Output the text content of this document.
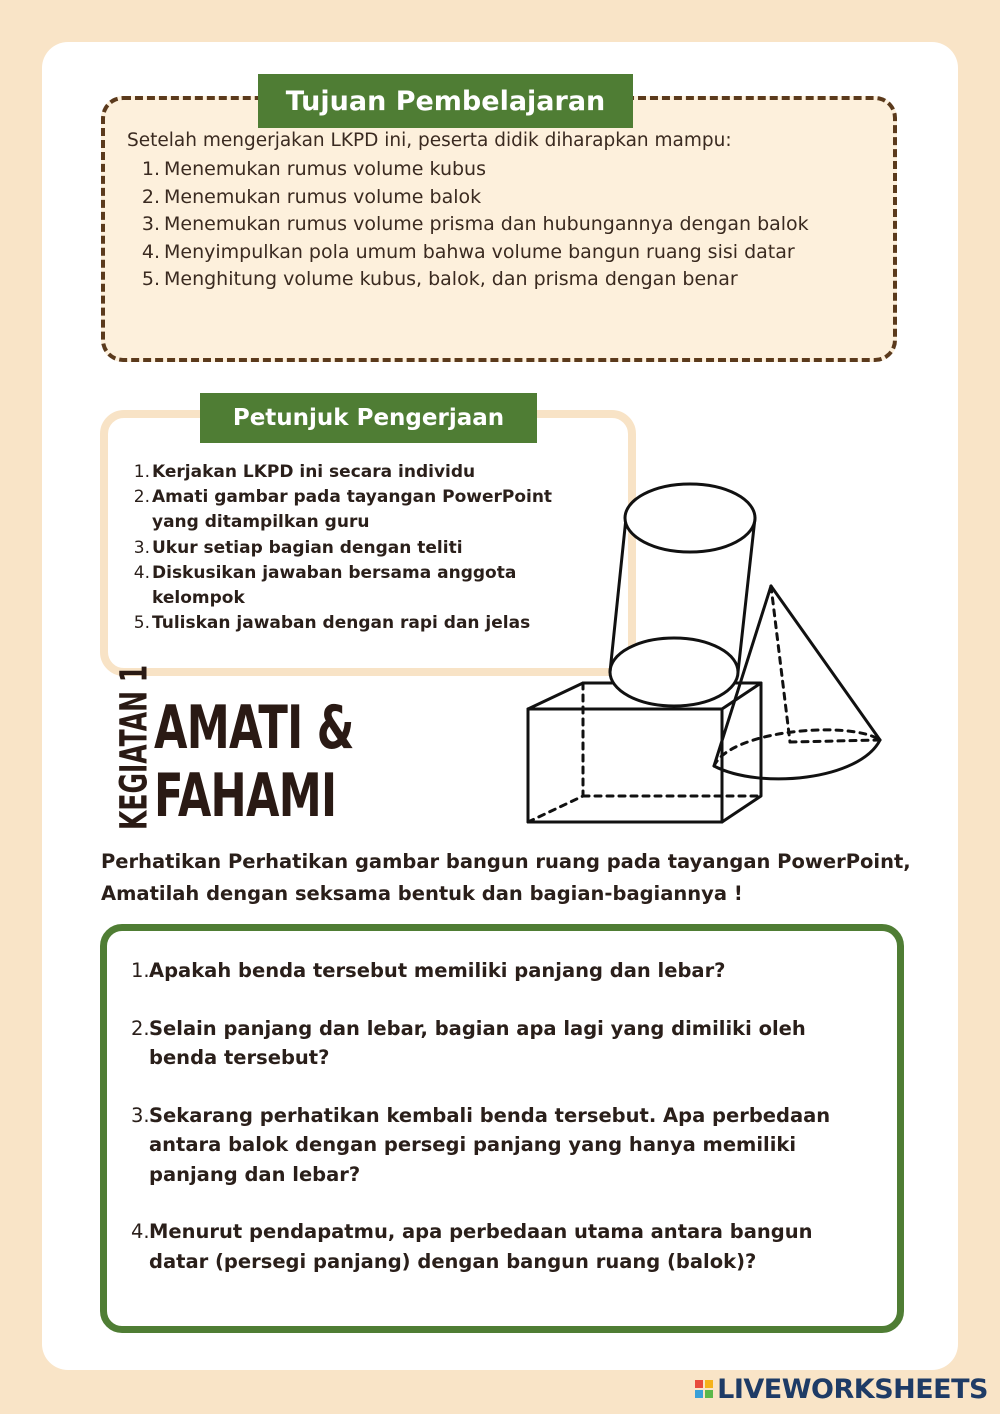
Tujuan Pembelajaran

Setelah mengerjakan LKPD ini, peserta didik diharapkan mampu:

1. Menemukan rumus volume kubus
2. Menemukan rumus volume balok
3. Menemukan rumus volume prisma dan hubungannya dengan balok
4. Menyimpulkan pola umum bahwa volume bangun ruang sisi datar
5. Menghitung volume kubus, balok, dan prisma dengan benar
Petunjuk Pengerjaan
1. Kerjakan LKPD ini secara individu
2. Amati gambar pada tayangan PowerPoint yang ditampilkan guru
3. Ukur setiap bagian dengan teliti
4. Diskusikan jawaban bersama anggota kelompok
5. Tuliskan jawaban dengan rapi dan jelas
KEGIATAN 1
AMATI &
FAHAMI

Perhatikan Perhatikan gambar bangun ruang pada tayangan PowerPoint, Amatilah dengan seksama bentuk dan bagian-bagiannya !

1. Apakah benda tersebut memiliki panjang dan lebar?
2. Selain panjang dan lebar, bagian apa lagi yang dimiliki oleh benda tersebut?
3. Sekarang perhatikan kembali benda tersebut. Apa perbedaan antara balok dengan persegi panjang yang hanya memiliki panjang dan lebar?
4. Menurut pendapatmu, apa perbedaan utama antara bangun datar (persegi panjang) dengan bangun ruang (balok)?
LIVEWORKSHEETS
